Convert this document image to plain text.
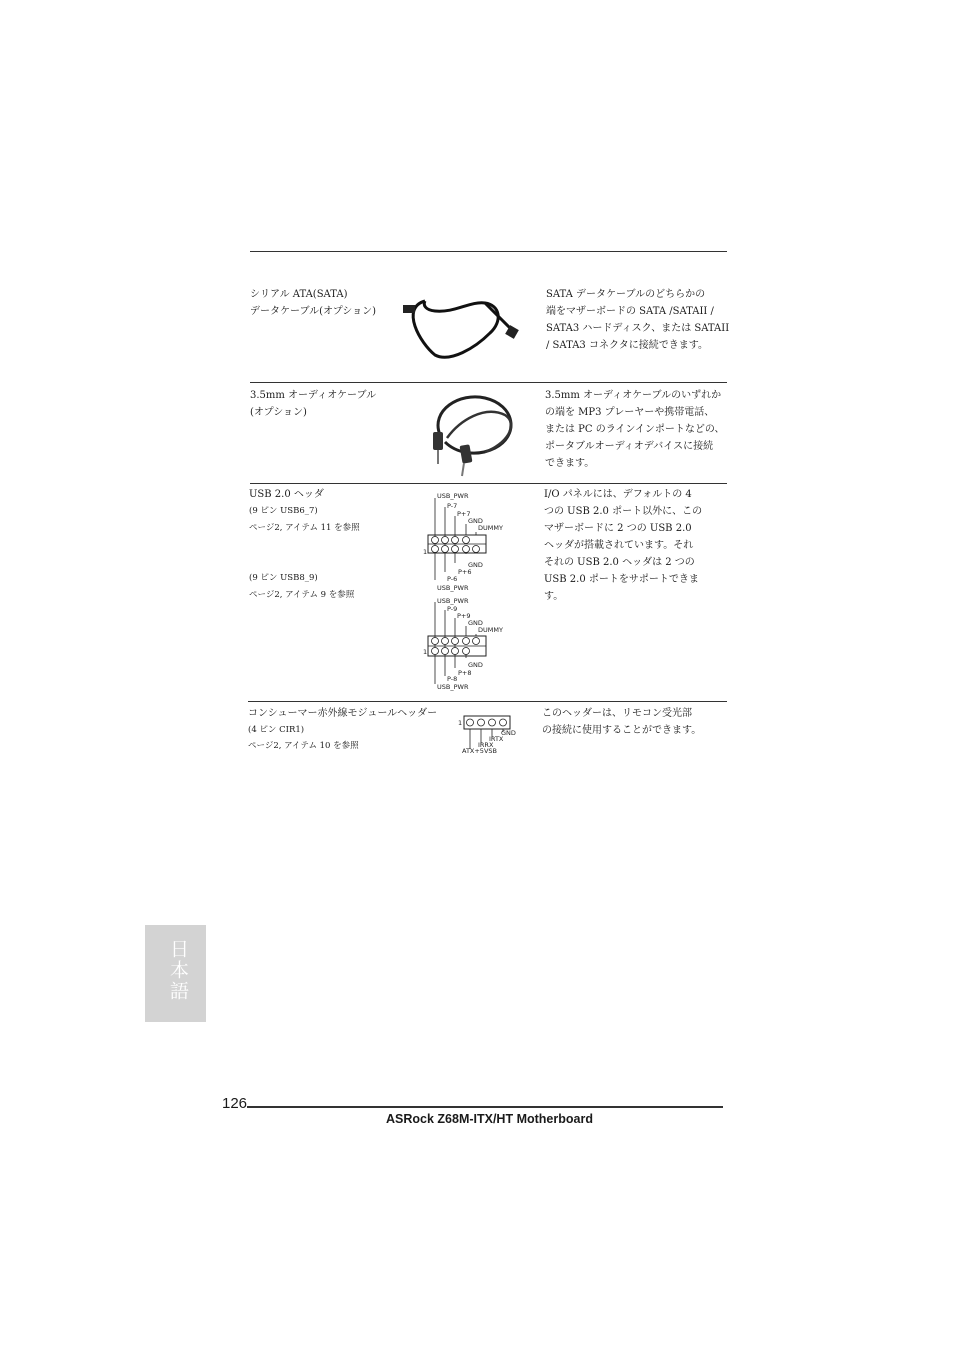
シリアル ATA(SATA)
データケーブル(オプション)
SATA データケーブルのどちらかの
端をマザーボードの SATA /SATAII /
SATA3 ハードディスク、または SATAII
/ SATA3 コネクタに接続できます。
3.5mm オーディオケーブル
(オプション)
3.5mm オーディオケーブルのいずれか
の端を MP3 プレーヤーや携帯電話、
または PC のラインインポートなどの、
ポータブルオーディオデバイスに接続
できます。
USB 2.0 ヘッダ
(9 ピン USB6_7)
ページ2, アイテム 11 を参照
(9 ピン USB8_9)
ページ2, アイテム 9 を参照
USB_PWR
P-7
P+7
GND
DUMMY
1
GND
P+6
P-6
USB_PWR
USB_PWR
P-9
P+9
GND
DUMMY
1
GND
P+8
P-8
USB_PWR
I/O パネルには、デフォルトの 4
つの USB 2.0 ポート以外に、この
マザーボードに 2 つの USB 2.0
ヘッダが搭載されています。それ
それの USB 2.0 ヘッダは 2 つの
USB 2.0 ポートをサポートできま
す。
コンシューマー赤外線モジュールヘッダー
(4 ピン CIR1)
ページ2, アイテム 10 を参照
1
GND
IRTX
IRRX
ATX+5VSB
このヘッダーは、リモコン受光部
の接続に使用することができます。
日本語
126
ASRock Z68M-ITX/HT Motherboard
